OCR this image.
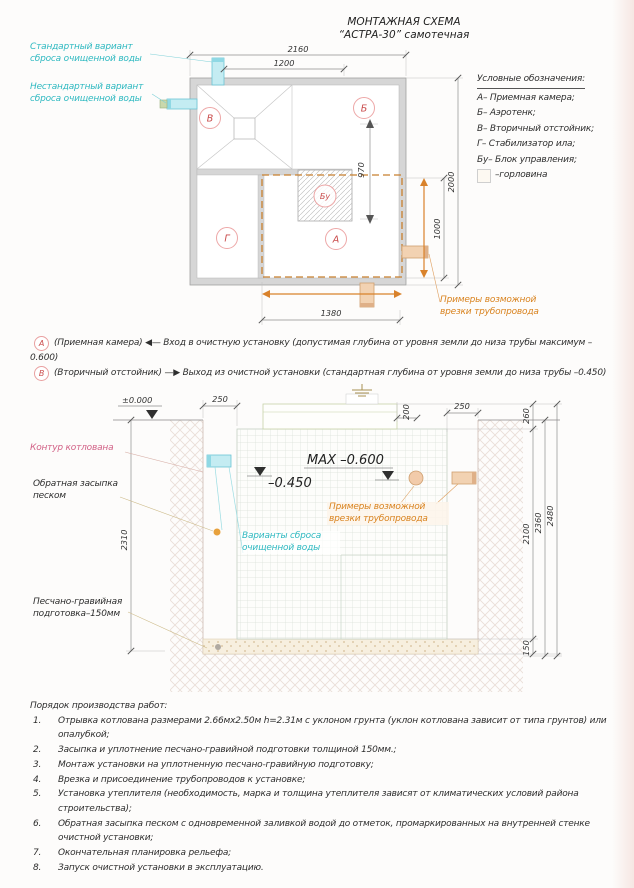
В
Б
Г	А
Бу
2160
1200
970
2000
1000
1380
±0.000
–0.450
MAX –0.600
250
200	250
260
2310	2100
2360 2480
150
МОНТАЖНАЯ СХЕМА
“АСТРА-30” самотечная
Стандартный вариант сброса очищенной воды
Нестандартный вариант сброса очищенной воды
Условные обозначения:
А– Приемная камера;
Б– Аэротенк;
В– Вторичный отстойник;
Г– Стабилизатор ила;
Бу– Блок управления;
–горловина
Примеры возможной врезки трубопровода
А	(Приемная камера) ◀— Вход в очистную установку (допустимая глубина от уровня земли до низа трубы максимум –0.600)

В	(Вторичный отстойник) —▶ Выход из очистной установки (стандартная глубина от уровня земли до низа трубы –0.450)

Контур котлована
Обратная засыпка песком
Песчано-гравийная подготовка–150мм
Примеры возможной врезки трубопровода
Варианты сброса очищенной воды
Порядок производства работ:
1. Отрывка котлована размерами 2.66мх2.50м h=2.31м с уклоном грунта (уклон котлована зависит от типа грунтов) или опалубкой;
2. Засыпка и уплотнение песчано-гравийной подготовки толщиной 150мм.;
3. Монтаж установки на уплотненную песчано-гравийную подготовку;
4. Врезка и присоединение трубопроводов к установке;
5. Установка утеплителя (необходимость, марка и толщина утеплителя зависят от климатических условий района строительства);
6. Обратная засыпка песком с одновременной заливкой водой до отметок, промаркированных на внутренней стенке очистной установки;
7. Окончательная планировка рельефа;
8. Запуск очистной установки в эксплуатацию.
